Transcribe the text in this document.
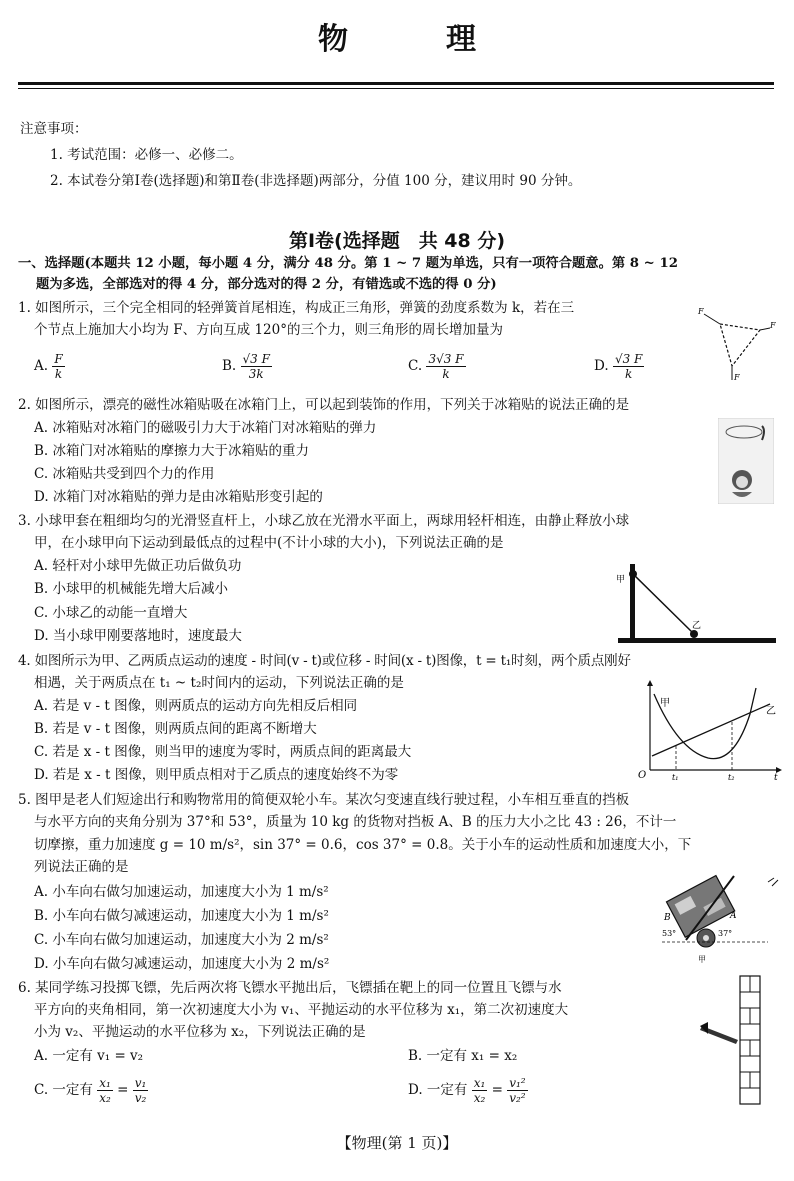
物　理
注意事项：
1. 考试范围：必修一、必修二。
2. 本试卷分第Ⅰ卷(选择题)和第Ⅱ卷(非选择题)两部分，分值 100 分，建议用时 90 分钟。
第Ⅰ卷(选择题　共 48 分)
一、选择题(本题共 12 小题，每小题 4 分，满分 48 分。第 1 ~ 7 题为单选，只有一项符合题意。第 8 ~ 12
题为多选，全部选对的得 4 分，部分选对的得 2 分，有错选或不选的得 0 分)
1. 如图所示，三个完全相同的轻弹簧首尾相连，构成正三角形，弹簧的劲度系数为 k，若在三
个节点上施加大小均为 F、方向互成 120°的三个力，则三角形的周长增加量为
A. $\frac{F}{k}$	B. $\frac{√3 F}{3k}$	C. $\frac{3√3 F}{k}$	D. $\frac{√3 F}{k}$
F
F
F
2. 如图所示，漂亮的磁性冰箱贴吸在冰箱门上，可以起到装饰的作用，下列关于冰箱贴的说法正确的是
A. 冰箱贴对冰箱门的磁吸引力大于冰箱门对冰箱贴的弹力
B. 冰箱门对冰箱贴的摩擦力大于冰箱贴的重力
C. 冰箱贴共受到四个力的作用
D. 冰箱门对冰箱贴的弹力是由冰箱贴形变引起的
3. 小球甲套在粗细均匀的光滑竖直杆上，小球乙放在光滑水平面上，两球用轻杆相连，由静止释放小球
甲，在小球甲向下运动到最低点的过程中(不计小球的大小)，下列说法正确的是
A. 轻杆对小球甲先做正功后做负功
B. 小球甲的机械能先增大后减小
C. 小球乙的动能一直增大
D. 当小球甲刚要落地时，速度最大
甲
乙
4. 如图所示为甲、乙两质点运动的速度 - 时间(v - t)或位移 - 时间(x - t)图像，t = t₁时刻，两个质点刚好
相遇，关于两质点在 t₁ ~ t₂时间内的运动，下列说法正确的是
A. 若是 v - t 图像，则两质点的运动方向先相反后相同
B. 若是 v - t 图像，则两质点间的距离不断增大
C. 若是 x - t 图像，则当甲的速度为零时，两质点间的距离最大
D. 若是 x - t 图像，则甲质点相对于乙质点的速度始终不为零
甲
乙
O	t₁	t₂	t
5. 图甲是老人们短途出行和购物常用的简便双轮小车。某次匀变速直线行驶过程，小车相互垂直的挡板
与水平方向的夹角分别为 37°和 53°，质量为 10 kg 的货物对挡板 A、B 的压力大小之比 43 : 26，不计一
切摩擦，重力加速度 g = 10 m/s²，sin 37° = 0.6，cos 37° = 0.8。关于小车的运动性质和加速度大小，下
列说法正确的是
A. 小车向右做匀加速运动，加速度大小为 1 m/s²
B. 小车向右做匀减速运动，加速度大小为 1 m/s²
C. 小车向右做匀加速运动，加速度大小为 2 m/s²
D. 小车向右做匀减速运动，加速度大小为 2 m/s²
B	A
53°	37°
甲
6. 某同学练习投掷飞镖，先后两次将飞镖水平抛出后，飞镖插在靶上的同一位置且飞镖与水
平方向的夹角相同，第一次初速度大小为 v₁、平抛运动的水平位移为 x₁，第二次初速度大
小为 v₂、平抛运动的水平位移为 x₂，下列说法正确的是
A. 一定有 v₁ = v₂	B. 一定有 x₁ = x₂
C. 一定有 $\frac{\text{x₁}}{\text{x₂}} = \frac{\text{v₁}}{\text{v₂}}$	D. 一定有 $\frac{\text{x₁}}{\text{x₂}} = \frac{\text{v₁²}}{\text{v₂²}}$
【物理(第 1 页)】
